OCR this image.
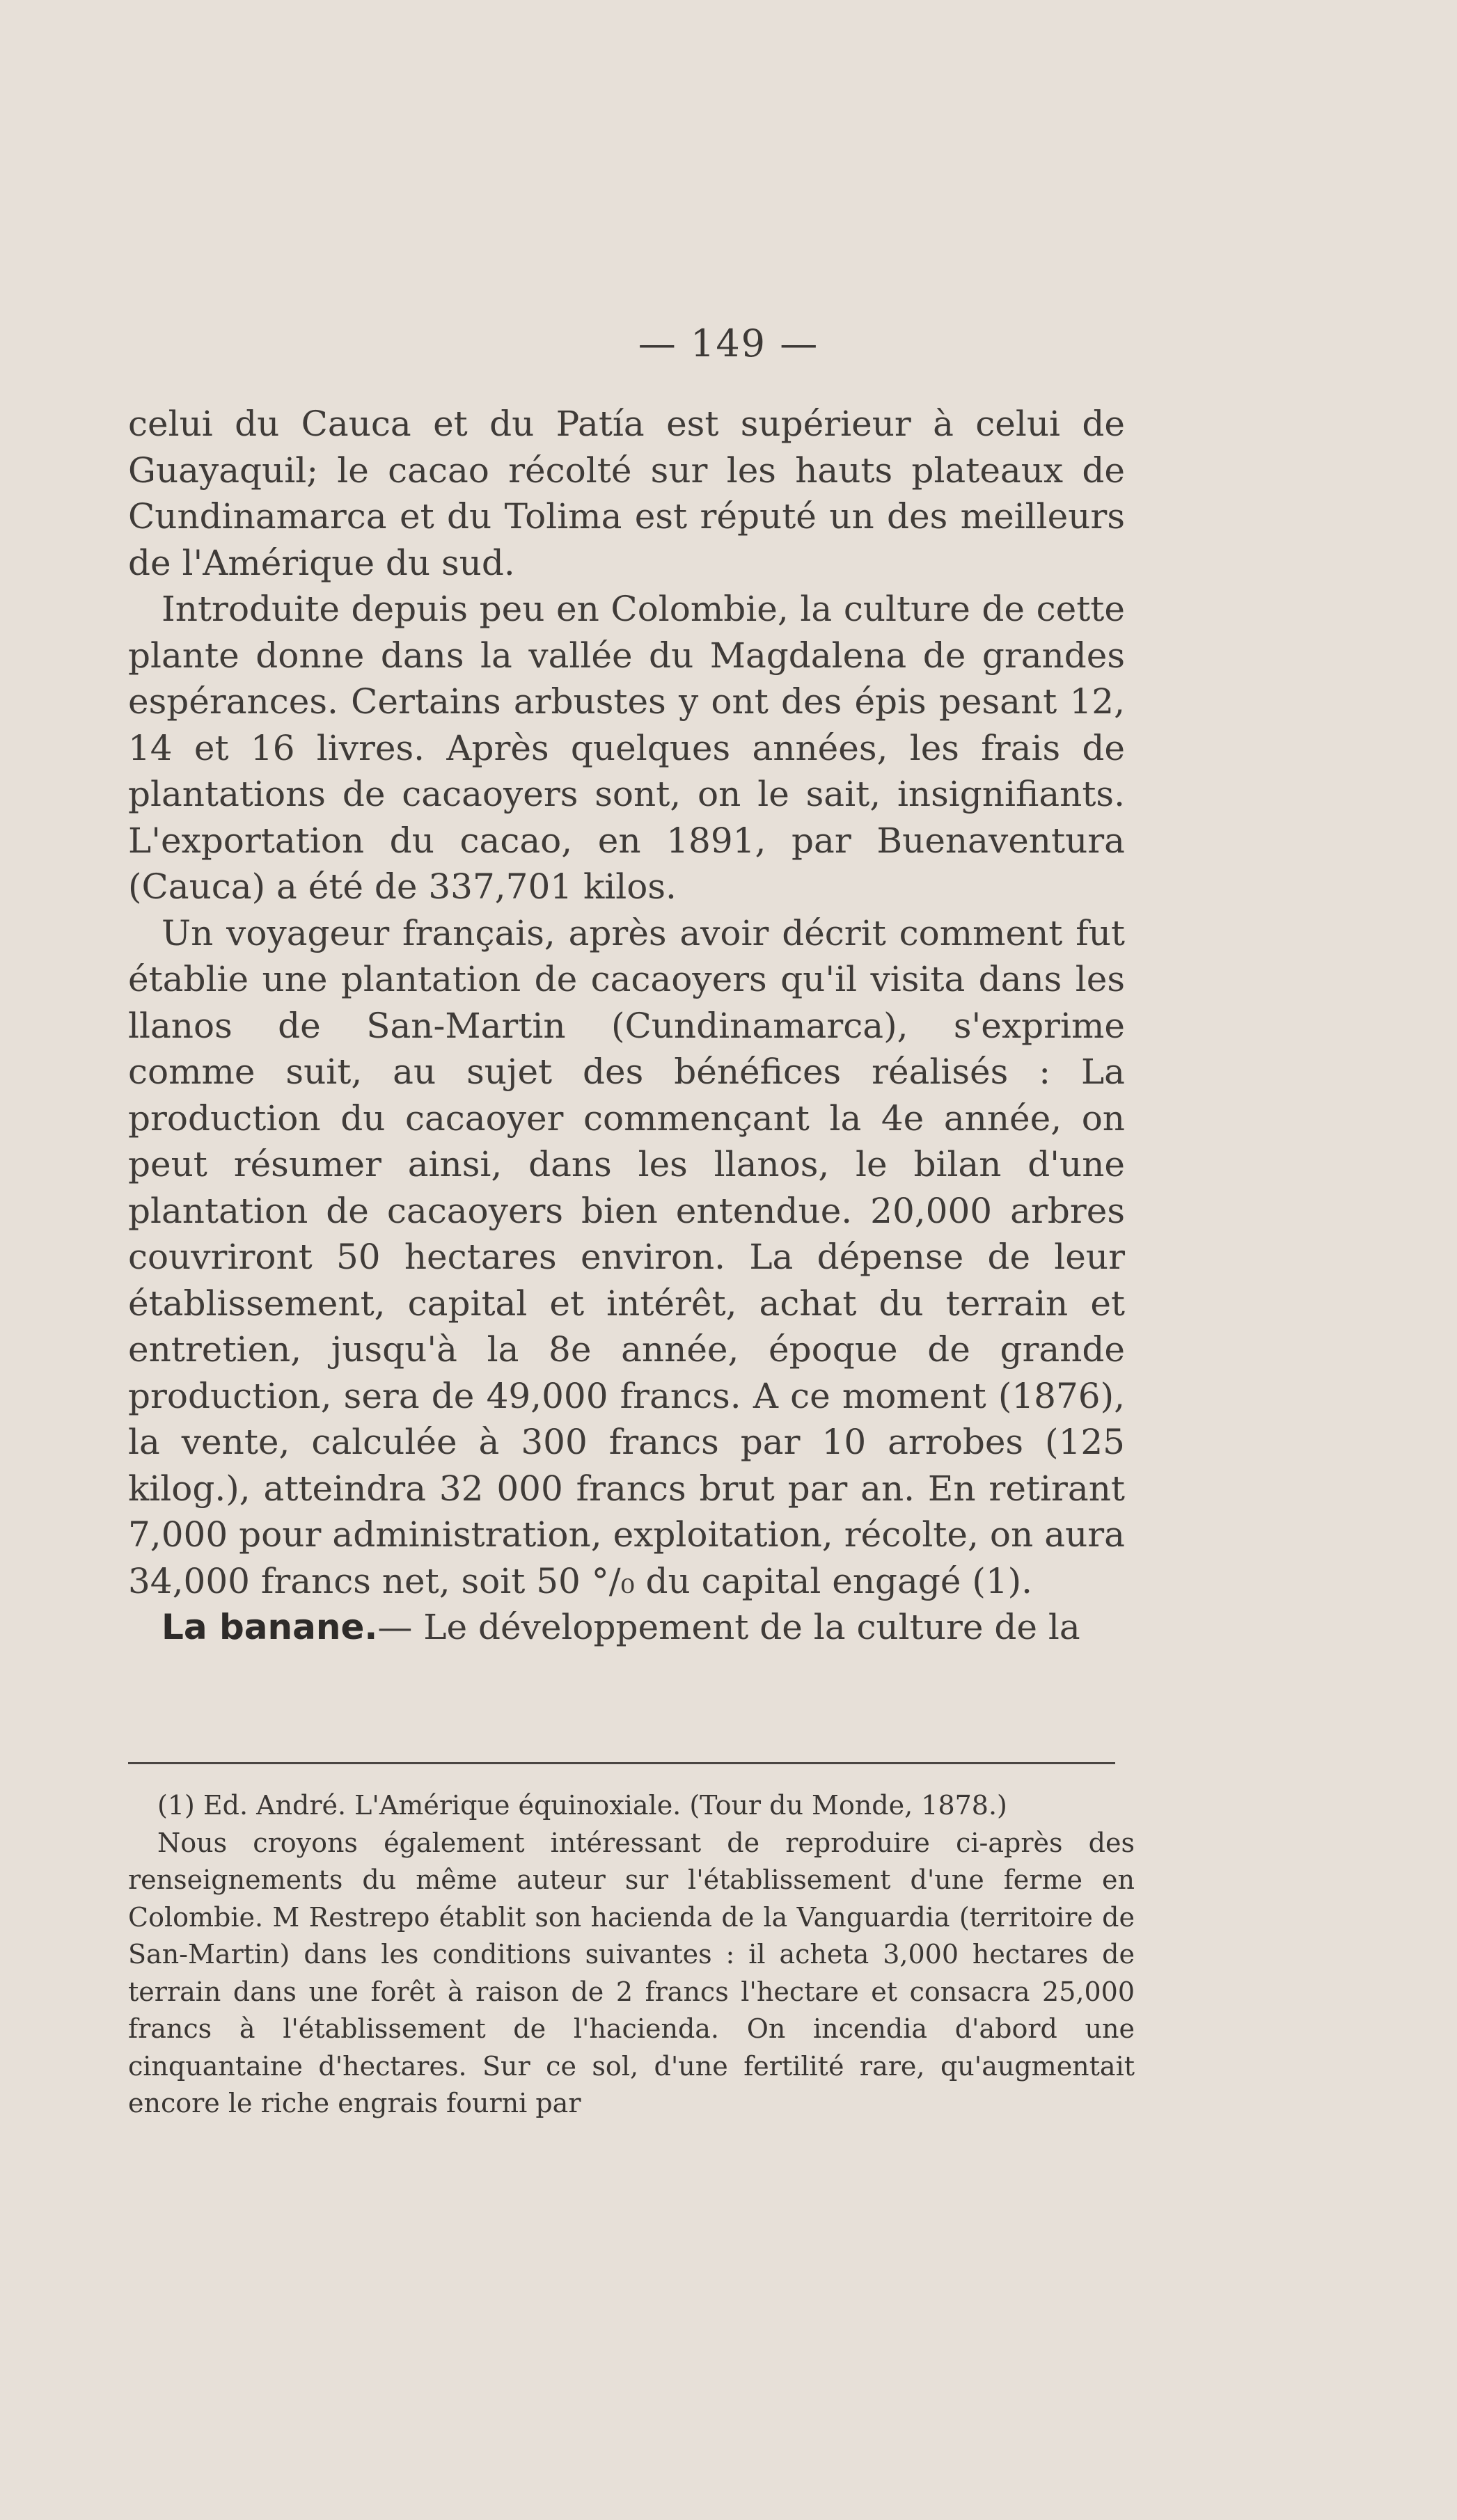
— 149 —

celui du Cauca et du Patía est supérieur à celui de Guayaquil; le cacao récolté sur les hauts plateaux de Cundinamarca et du Tolima est réputé un des meilleurs de l'Amérique du sud.

Introduite depuis peu en Colombie, la culture de cette plante donne dans la vallée du Magdalena de grandes espérances. Certains arbustes y ont des épis pesant 12, 14 et 16 livres. Après quelques années, les frais de plantations de cacaoyers sont, on le sait, insignifiants. L'exportation du cacao, en 1891, par Buenaventura (Cauca) a été de 337,701 kilos.

Un voyageur français, après avoir décrit comment fut établie une plantation de cacaoyers qu'il visita dans les llanos de San-Martin (Cundinamarca), s'exprime comme suit, au sujet des bénéfices réalisés : La production du cacaoyer commençant la 4e année, on peut résumer ainsi, dans les llanos, le bilan d'une plantation de cacaoyers bien entendue. 20,000 arbres couvriront 50 hectares environ. La dépense de leur établissement, capital et intérêt, achat du terrain et entretien, jusqu'à la 8e année, époque de grande production, sera de 49,000 francs. A ce moment (1876), la vente, calculée à 300 francs par 10 arrobes (125 kilog.), atteindra 32 000 francs brut par an. En retirant 7,000 pour administration, exploitation, récolte, on aura 34,000 francs net, soit 50 °/₀ du capital engagé (1).

La banane.— Le développement de la culture de la

(1) Ed. André. L'Amérique équinoxiale. (Tour du Monde, 1878.)

Nous croyons également intéressant de reproduire ci-après des renseignements du même auteur sur l'établissement d'une ferme en Colombie. M Restrepo établit son hacienda de la Vanguardia (territoire de San-Martin) dans les conditions suivantes : il acheta 3,000 hectares de terrain dans une forêt à raison de 2 francs l'hectare et consacra 25,000 francs à l'établissement de l'hacienda. On incendia d'abord une cinquantaine d'hectares. Sur ce sol, d'une fertilité rare, qu'augmentait encore le riche engrais fourni par
